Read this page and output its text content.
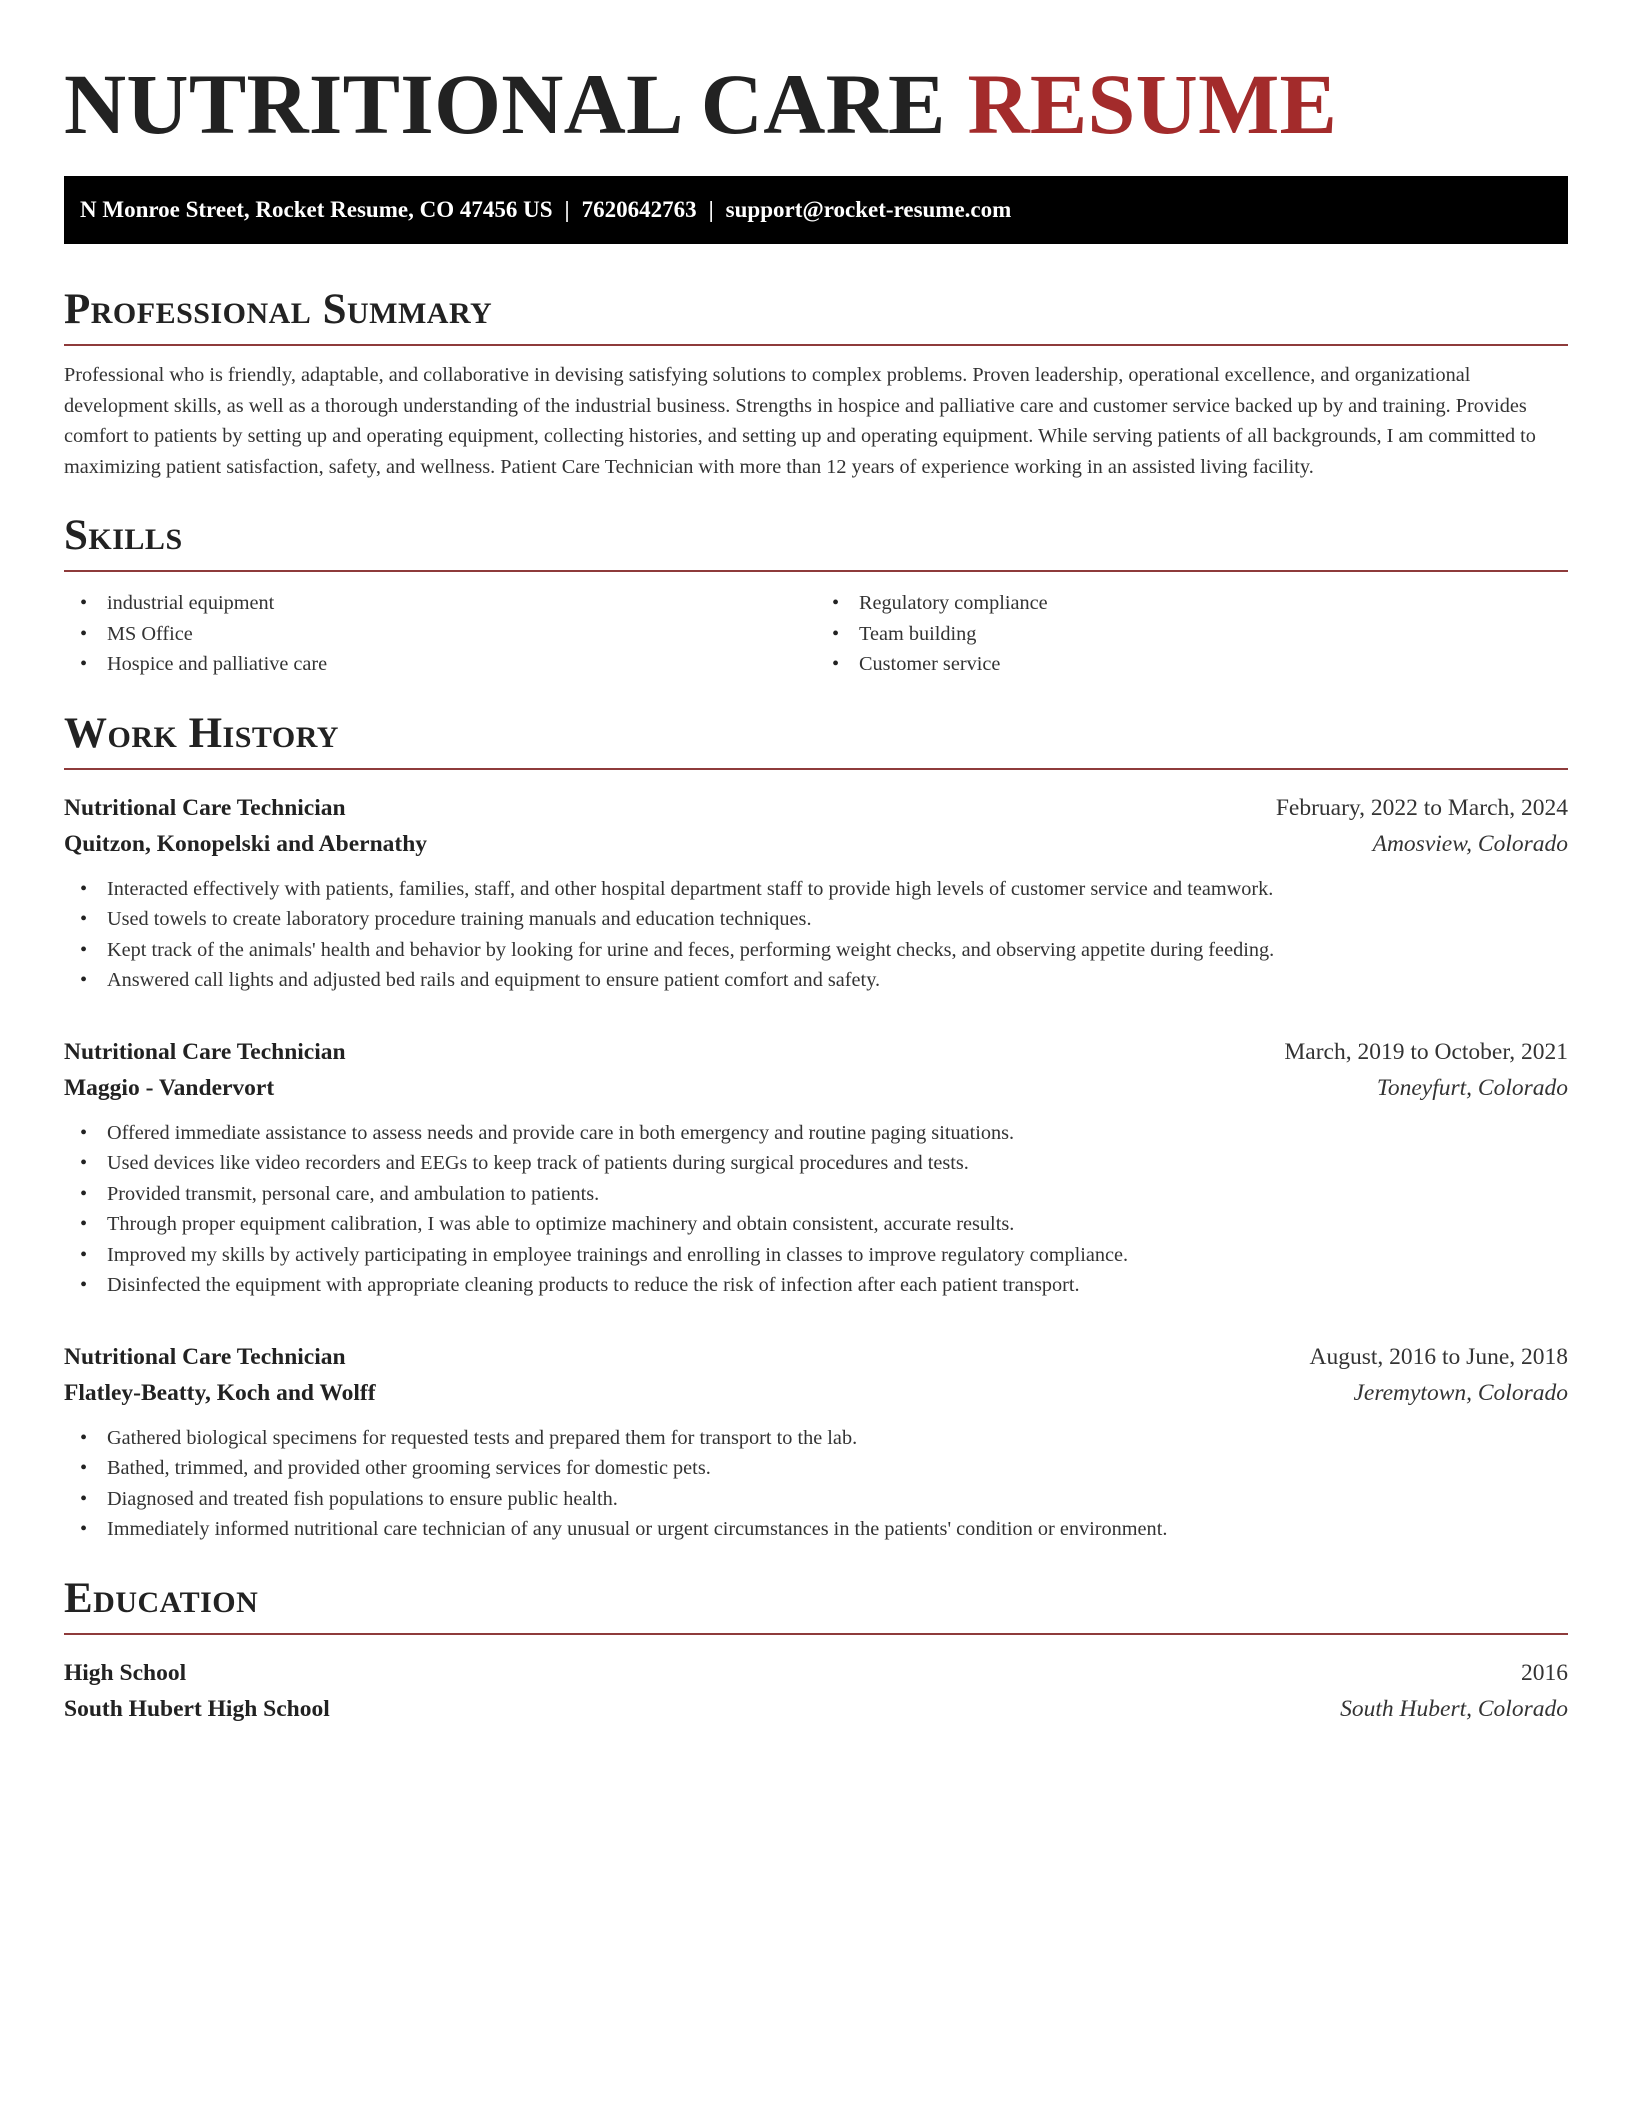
NUTRITIONAL CARE RESUME
N Monroe Street, Rocket Resume, CO 47456 US | 7620642763 | support@rocket-resume.com
Professional Summary

Professional who is friendly, adaptable, and collaborative in devising satisfying solutions to complex problems. Proven leadership, operational excellence, and organizational development skills, as well as a thorough understanding of the industrial business. Strengths in hospice and palliative care and customer service backed up by and training. Provides comfort to patients by setting up and operating equipment, collecting histories, and setting up and operating equipment. While serving patients of all backgrounds, I am committed to maximizing patient satisfaction, safety, and wellness. Patient Care Technician with more than 12 years of experience working in an assisted living facility.

Skills
• industrial equipment
• MS Office
• Hospice and palliative care
• Regulatory compliance
• Team building
• Customer service
Work History
Nutritional Care Technician	February, 2022 to March, 2024
Quitzon, Konopelski and Abernathy	Amosview, Colorado
• Interacted effectively with patients, families, staff, and other hospital department staff to provide high levels of customer service and teamwork.
• Used towels to create laboratory procedure training manuals and education techniques.
• Kept track of the animals' health and behavior by looking for urine and feces, performing weight checks, and observing appetite during feeding.
• Answered call lights and adjusted bed rails and equipment to ensure patient comfort and safety.
Nutritional Care Technician	March, 2019 to October, 2021
Maggio - Vandervort	Toneyfurt, Colorado
• Offered immediate assistance to assess needs and provide care in both emergency and routine paging situations.
• Used devices like video recorders and EEGs to keep track of patients during surgical procedures and tests.
• Provided transmit, personal care, and ambulation to patients.
• Through proper equipment calibration, I was able to optimize machinery and obtain consistent, accurate results.
• Improved my skills by actively participating in employee trainings and enrolling in classes to improve regulatory compliance.
• Disinfected the equipment with appropriate cleaning products to reduce the risk of infection after each patient transport.
Nutritional Care Technician	August, 2016 to June, 2018
Flatley-Beatty, Koch and Wolff	Jeremytown, Colorado
• Gathered biological specimens for requested tests and prepared them for transport to the lab.
• Bathed, trimmed, and provided other grooming services for domestic pets.
• Diagnosed and treated fish populations to ensure public health.
• Immediately informed nutritional care technician of any unusual or urgent circumstances in the patients' condition or environment.
Education
High School	2016
South Hubert High School	South Hubert, Colorado
